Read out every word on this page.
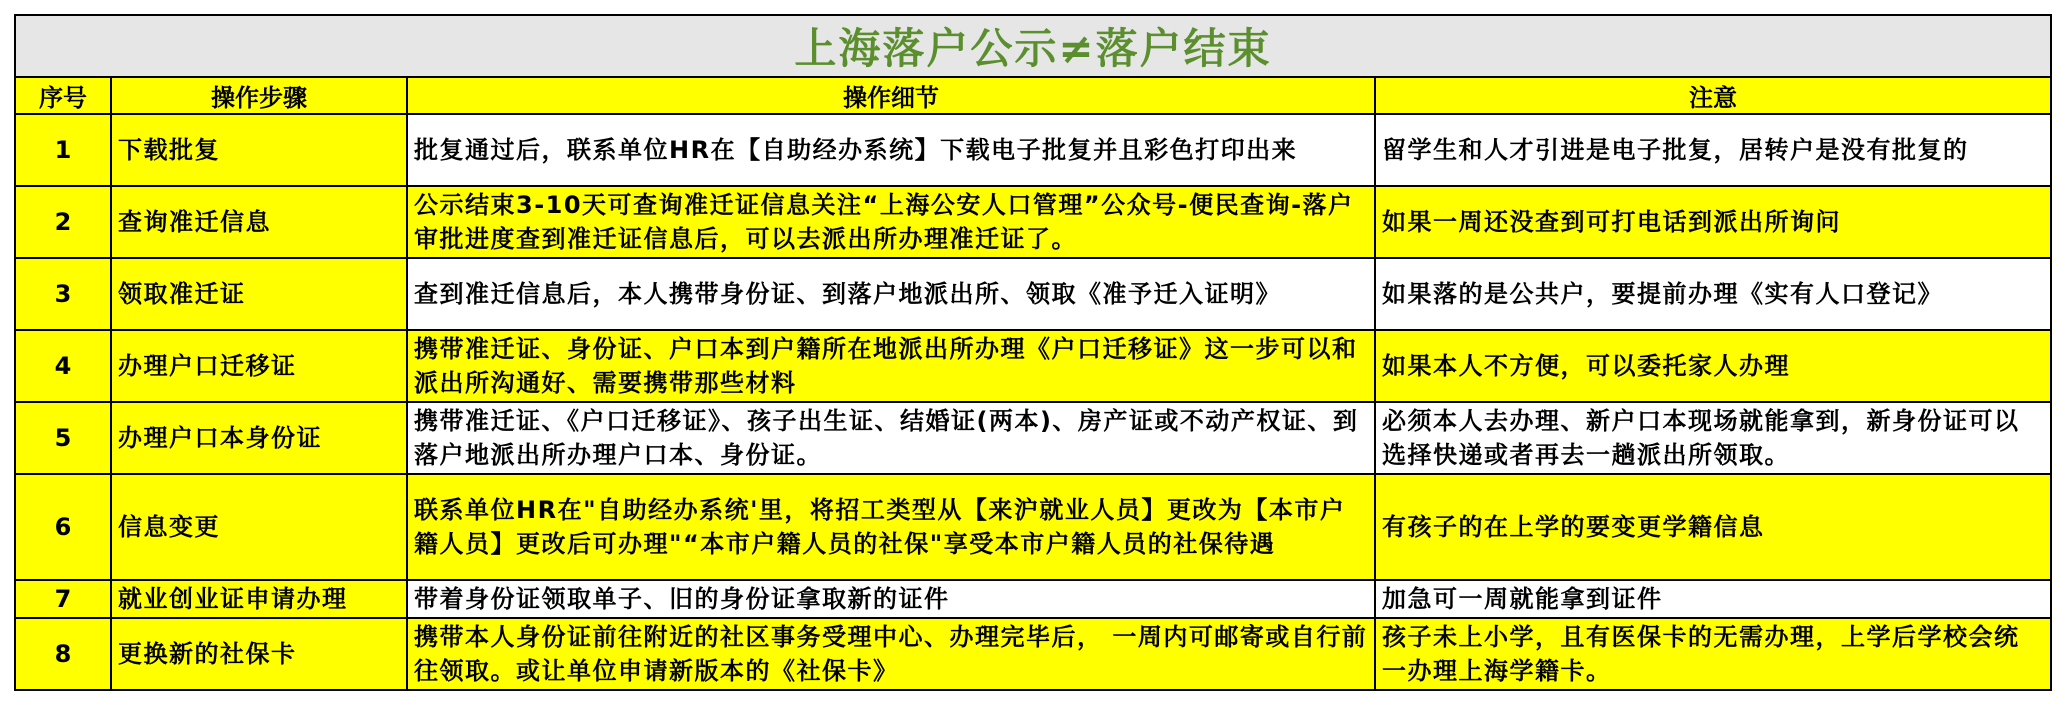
上海落户公示≠落户结束			
序号	操作步骤	操作细节	注意
1	下载批复	批复通过后，联系单位HR在【自助经办系统】下载电子批复并且彩色打印出来	留学生和人才引进是电子批复，居转户是没有批复的
2	查询准迁信息	公示结束3-10天可查询准迁证信息关注“上海公安人口管理”公众号-便民查询-落户审批进度查到准迁证信息后，可以去派出所办理准迁证了。	如果一周还没查到可打电话到派出所询问
3	领取准迁证	查到准迁信息后，本人携带身份证、到落户地派出所、领取《准予迁入证明》	如果落的是公共户，要提前办理《实有人口登记》
4	办理户口迁移证	携带准迁证、身份证、户口本到户籍所在地派出所办理《户口迁移证》这一步可以和派出所沟通好、需要携带那些材料	如果本人不方便，可以委托家人办理
5	办理户口本身份证	携带准迁证、《户口迁移证》、孩子出生证、结婚证(两本)、房产证或不动产权证、到落户地派出所办理户口本、身份证。	必须本人去办理、新户口本现场就能拿到，新身份证可以选择快递或者再去一趟派出所领取。
6	信息变更	联系单位HR在"自助经办系统'里，将招工类型从【来沪就业人员】更改为【本市户籍人员】更改后可办理"“本市户籍人员的社保"享受本市户籍人员的社保待遇	有孩子的在上学的要变更学籍信息
7	就业创业证申请办理	带着身份证领取单子、旧的身份证拿取新的证件	加急可一周就能拿到证件
8	更换新的社保卡	携带本人身份证前往附近的社区事务受理中心、办理完毕后， 一周内可邮寄或自行前往领取。或让单位申请新版本的《社保卡》	孩子未上小学，且有医保卡的无需办理，上学后学校会统一办理上海学籍卡。
